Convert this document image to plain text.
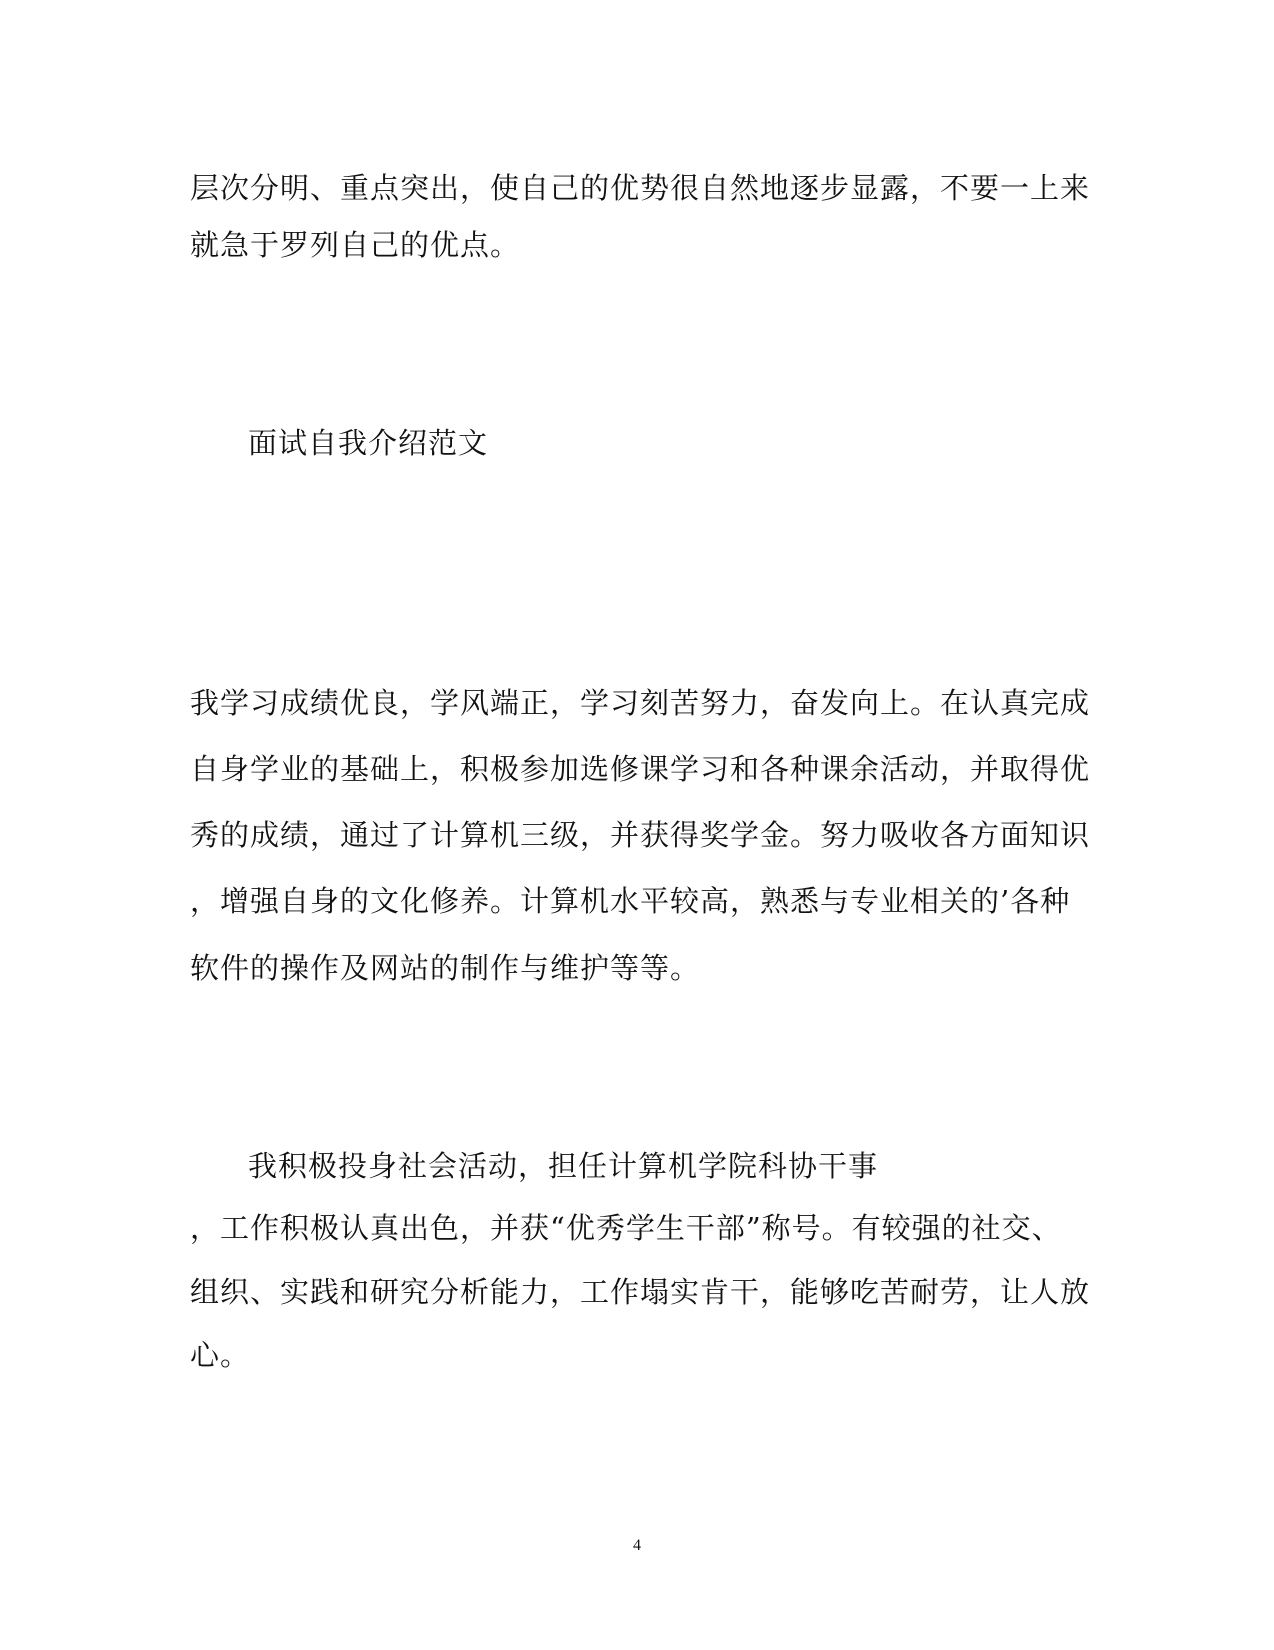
层次分明、重点突出，使自己的优势很自然地逐步显露，不要一上来
就急于罗列自己的优点。
面试自我介绍范文
我学习成绩优良，学风端正，学习刻苦努力，奋发向上。在认真完成
自身学业的基础上，积极参加选修课学习和各种课余活动，并取得优
秀的成绩，通过了计算机三级，并获得奖学金。努力吸收各方面知识
，增强自身的文化修养。计算机水平较高，熟悉与专业相关的’各种
软件的操作及网站的制作与维护等等。
我积极投身社会活动，担任计算机学院科协干事
，工作积极认真出色，并获“优秀学生干部”称号。有较强的社交、
组织、实践和研究分析能力，工作塌实肯干，能够吃苦耐劳，让人放
心。
4
